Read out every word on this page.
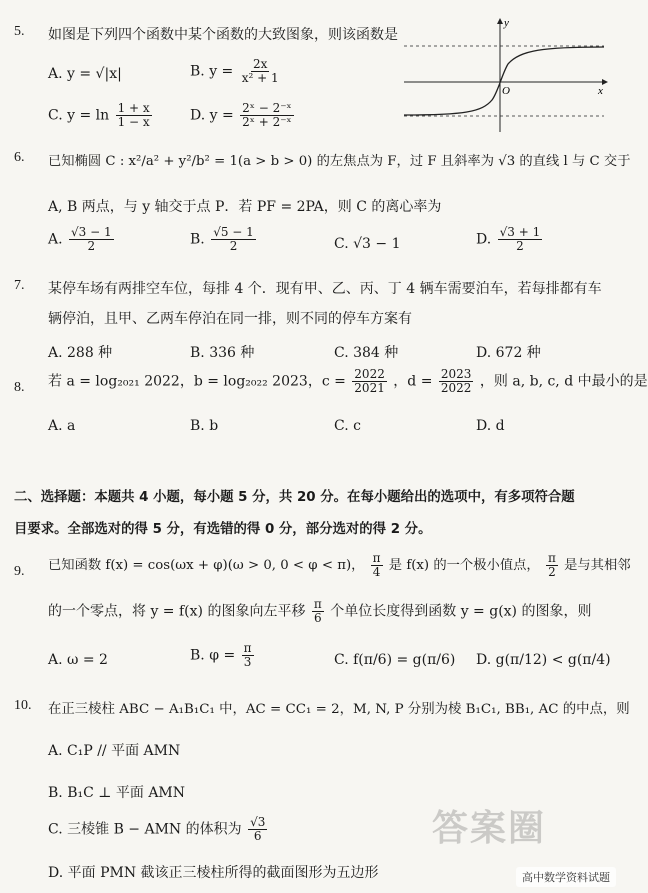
5. 如图是下列四个函数中某个函数的大致图象，则该函数是
A. y = √|x|	B. $y = \frac{2x}{\text{x² + 1}}$
C. $y = \ln \frac{1 + x}{1 - x}$	D. $y = \frac{\text{2ˣ − 2⁻ˣ}}{\text{2ˣ + 2⁻ˣ}}$
y
x
O
6. 已知椭圆 C : x²/a² + y²/b² = 1(a > b > 0) 的左焦点为 F，过 F 且斜率为 √3 的直线 l 与 C 交于
A, B 两点，与 y 轴交于点 P．若 PF = 2PA，则 C 的离心率为
A. $\frac{√3 - 1}{2}$	B. $\frac{√5 - 1}{2}$	C. √3 − 1	D. $\frac{√3 + 1}{2}$
7. 某停车场有两排空车位，每排 4 个．现有甲、乙、丙、丁 4 辆车需要泊车，若每排都有车
辆停泊，且甲、乙两车停泊在同一排，则不同的停车方案有
A. 288 种	B. 336 种	C. 384 种	D. 672 种
8. 若 a = log₂₀₂₁ 2022，b = log₂₀₂₂ 2023，$c = \frac{2022}{2021}$ ，$d = \frac{2023}{2022}$ ，则 a, b, c, d 中最小的是
A. a	B. b	C. c	D. d
二、选择题：本题共 4 小题，每小题 5 分，共 20 分。在每小题给出的选项中，有多项符合题
目要求。全部选对的得 5 分，有选错的得 0 分，部分选对的得 2 分。
9. 已知函数 f(x) = cos(ωx + φ)(ω > 0, 0 < φ < π)， $\frac{\pi}{4}$ 是 f(x) 的一个极小值点， $\frac{\pi}{2}$ 是与其相邻
的一个零点，将 y = f(x) 的图象向左平移 $\frac{\pi}{6}$ 个单位长度得到函数 y = g(x) 的图象，则
A. ω = 2	B. $\varphi = \frac{\pi}{3}$	C. f(π/6) = g(π/6) D. g(π/12) < g(π/4)
10. 在正三棱柱 ABC − A₁B₁C₁ 中，AC = CC₁ = 2，M, N, P 分别为棱 B₁C₁, BB₁, AC 的中点，则
A. C₁P // 平面 AMN
B. B₁C ⊥ 平面 AMN
C. 三棱锥 B − AMN 的体积为 $\frac{√3}{6}$
D. 平面 PMN 截该正三棱柱所得的截面图形为五边形
答案圈
高中数学资料试题
